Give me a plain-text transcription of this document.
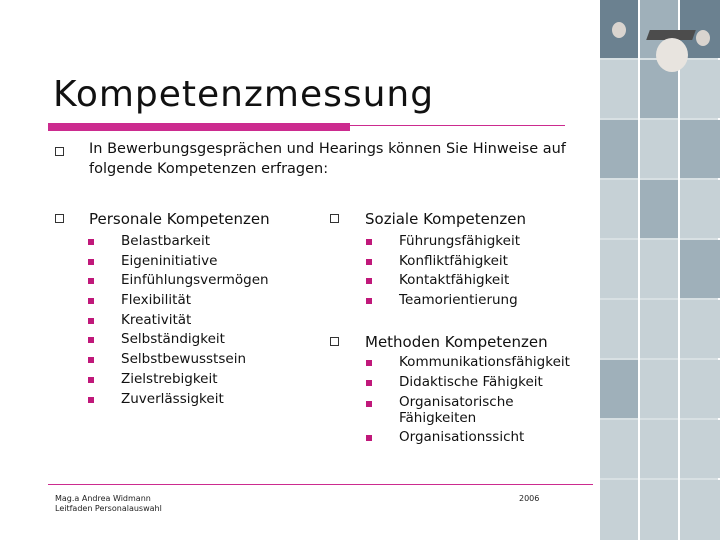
Kompetenzmessung
In Bewerbungsgesprächen und Hearings können Sie Hinweise auf folgende Kompetenzen erfragen:
Personale Kompetenzen
Belastbarkeit
Eigeninitiative
Einfühlungsvermögen
Flexibilität
Kreativität
Selbständigkeit
Selbstbewusstsein
Zielstrebigkeit
Zuverlässigkeit
Soziale Kompetenzen
Führungsfähigkeit
Konfliktfähigkeit
Kontaktfähigkeit
Teamorientierung
Methoden Kompetenzen
Kommunikationsfähigkeit
Didaktische Fähigkeit
Organisatorische Fähigkeiten
Organisationssicht
Mag.a Andrea Widmann
Leitfaden Personalauswahl
2006
